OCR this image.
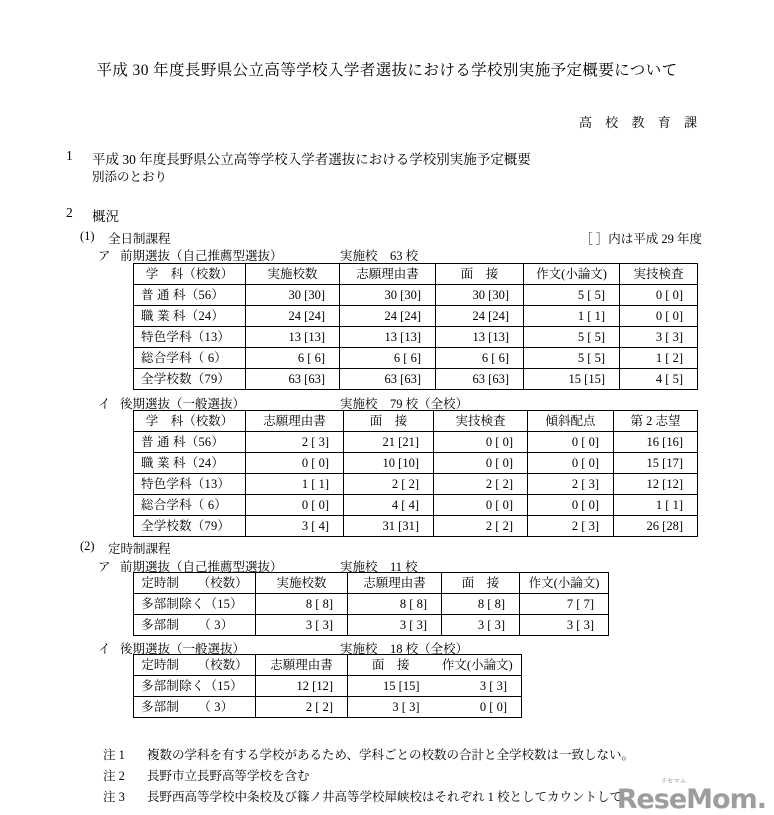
平成 30 年度長野県公立高等学校入学者選抜における学校別実施予定概要について
高 校 教 育 課
1 平成 30 年度長野県公立高等学校入学者選抜における学校別実施予定概要
別添のとおり
2 概況
(1) 全日制課程	［ ］内は平成 29 年度
ア 前期選抜（自己推薦型選抜）	実施校　63 校
学　科（校数）	実施校数	志願理由書	面　接	作文(小論文)	実技検査
普 通 科（56）	30 [30]	30 [30]	30 [30]	5 [ 5]	0 [ 0]
職 業 科（24）	24 [24]	24 [24]	24 [24]	1 [ 1]	0 [ 0]
特色学科（13）	13 [13]	13 [13]	13 [13]	5 [ 5]	3 [ 3]
総合学科（ 6）	6 [ 6]	6 [ 6]	6 [ 6]	5 [ 5]	1 [ 2]
全学校数（79）	63 [63]	63 [63]	63 [63]	15 [15]	4 [ 5]
イ 後期選抜（一般選抜）	実施校　79 校（全校）
学　科（校数）	志願理由書	面　接	実技検査	傾斜配点	第 2 志望
普 通 科（56）	2 [ 3]	21 [21]	0 [ 0]	0 [ 0]	16 [16]
職 業 科（24）	0 [ 0]	10 [10]	0 [ 0]	0 [ 0]	15 [17]
特色学科（13）	1 [ 1]	2 [ 2]	2 [ 2]	2 [ 3]	12 [12]
総合学科（ 6）	0 [ 0]	4 [ 4]	0 [ 0]	0 [ 0]	1 [ 1]
全学校数（79）	3 [ 4]	31 [31]	2 [ 2]	2 [ 3]	26 [28]
(2) 定時制課程
ア 前期選抜（自己推薦型選抜）	実施校　11 校
定時制　　（校数）	実施校数	志願理由書	面　接	作文(小論文)
多部制除く（15）	8 [ 8]	8 [ 8]	8 [ 8]	7 [ 7]
多部制　　（ 3）	3 [ 3]	3 [ 3]	3 [ 3]	3 [ 3]
イ 後期選抜（一般選抜）	実施校　18 校（全校）
定時制　　（校数）	志願理由書	面　接	作文(小論文)
多部制除く（15）	12 [12]	15 [15]	3 [ 3]
多部制　　（ 3）	2 [ 2]	3 [ 3]	0 [ 0]
注 1 複数の学科を有する学校があるため、学科ごとの校数の合計と全学校数は一致しない。
注 2 長野市立長野高等学校を含む
注 3 長野西高等学校中条校及び篠ノ井高等学校犀峡校はそれぞれ 1 校としてカウントして
リセマム
ReseMom.
